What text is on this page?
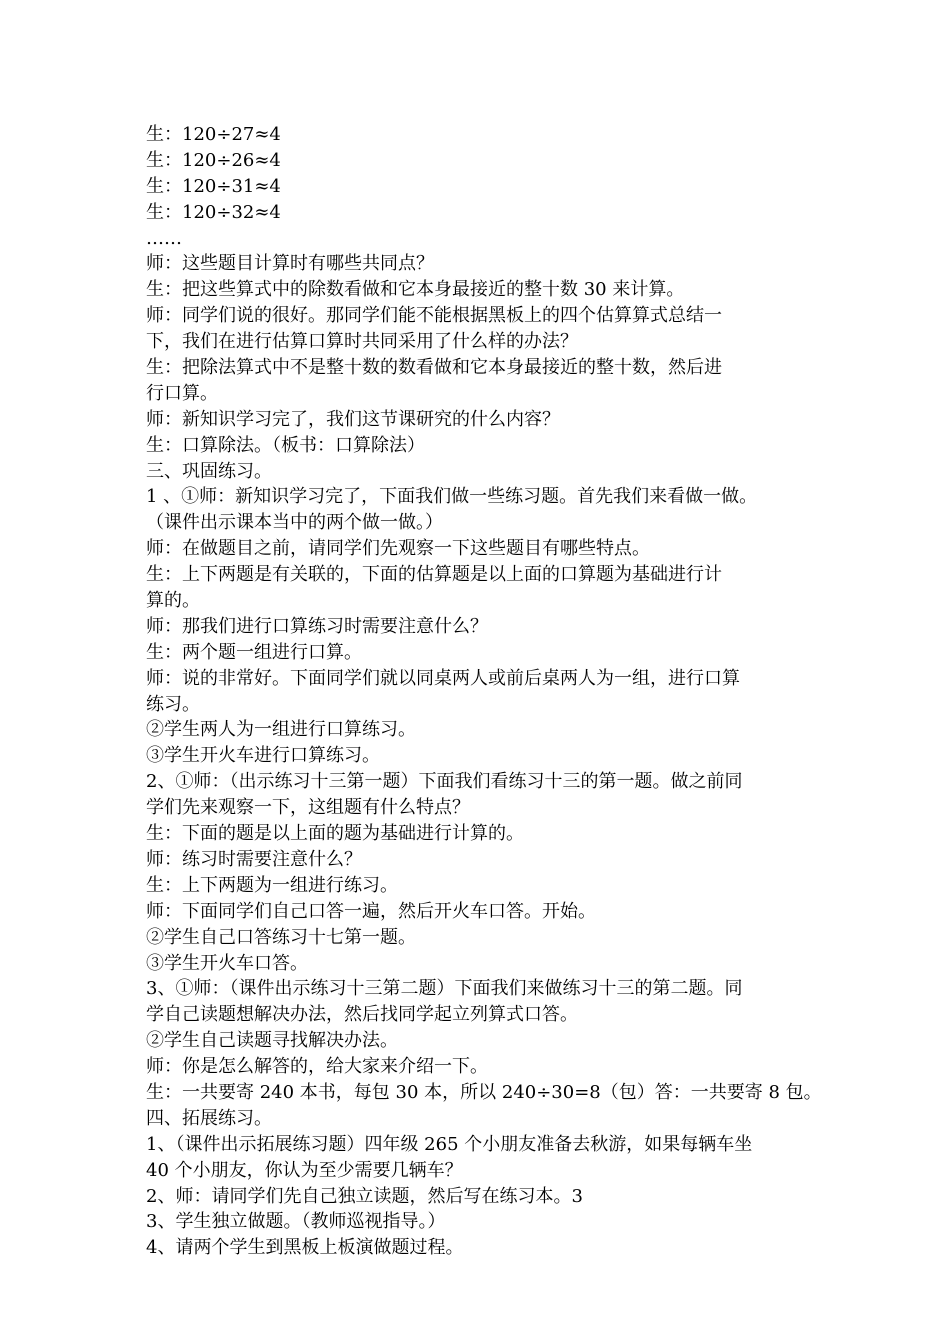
生：120÷27≈4
生：120÷26≈4
生：120÷31≈4
生：120÷32≈4
……
师：这些题目计算时有哪些共同点？
生：把这些算式中的除数看做和它本身最接近的整十数 30 来计算。
师：同学们说的很好。那同学们能不能根据黑板上的四个估算算式总结一
下，我们在进行估算口算时共同采用了什么样的办法？
生：把除法算式中不是整十数的数看做和它本身最接近的整十数，然后进
行口算。
师：新知识学习完了，我们这节课研究的什么内容？
生：口算除法。（板书：口算除法）
三、巩固练习。
1 、①师：新知识学习完了，下面我们做一些练习题。首先我们来看做一做。
（课件出示课本当中的两个做一做。）
师：在做题目之前，请同学们先观察一下这些题目有哪些特点。
生：上下两题是有关联的，下面的估算题是以上面的口算题为基础进行计
算的。
师：那我们进行口算练习时需要注意什么？
生：两个题一组进行口算。
师：说的非常好。下面同学们就以同桌两人或前后桌两人为一组，进行口算
练习。
②学生两人为一组进行口算练习。
③学生开火车进行口算练习。
2、①师：（出示练习十三第一题）下面我们看练习十三的第一题。做之前同
学们先来观察一下，这组题有什么特点？
生：下面的题是以上面的题为基础进行计算的。
师：练习时需要注意什么？
生：上下两题为一组进行练习。
师：下面同学们自己口答一遍，然后开火车口答。开始。
②学生自己口答练习十七第一题。
③学生开火车口答。
3、①师：（课件出示练习十三第二题）下面我们来做练习十三的第二题。同
学自己读题想解决办法，然后找同学起立列算式口答。
②学生自己读题寻找解决办法。
师：你是怎么解答的，给大家来介绍一下。
生：一共要寄 240 本书，每包 30 本，所以 240÷30=8（包）答：一共要寄 8 包。
四、拓展练习。
1、（课件出示拓展练习题）四年级 265 个小朋友准备去秋游，如果每辆车坐
40 个小朋友，你认为至少需要几辆车？
2、师：请同学们先自己独立读题，然后写在练习本。3
3、学生独立做题。（教师巡视指导。）
4、请两个学生到黑板上板演做题过程。
